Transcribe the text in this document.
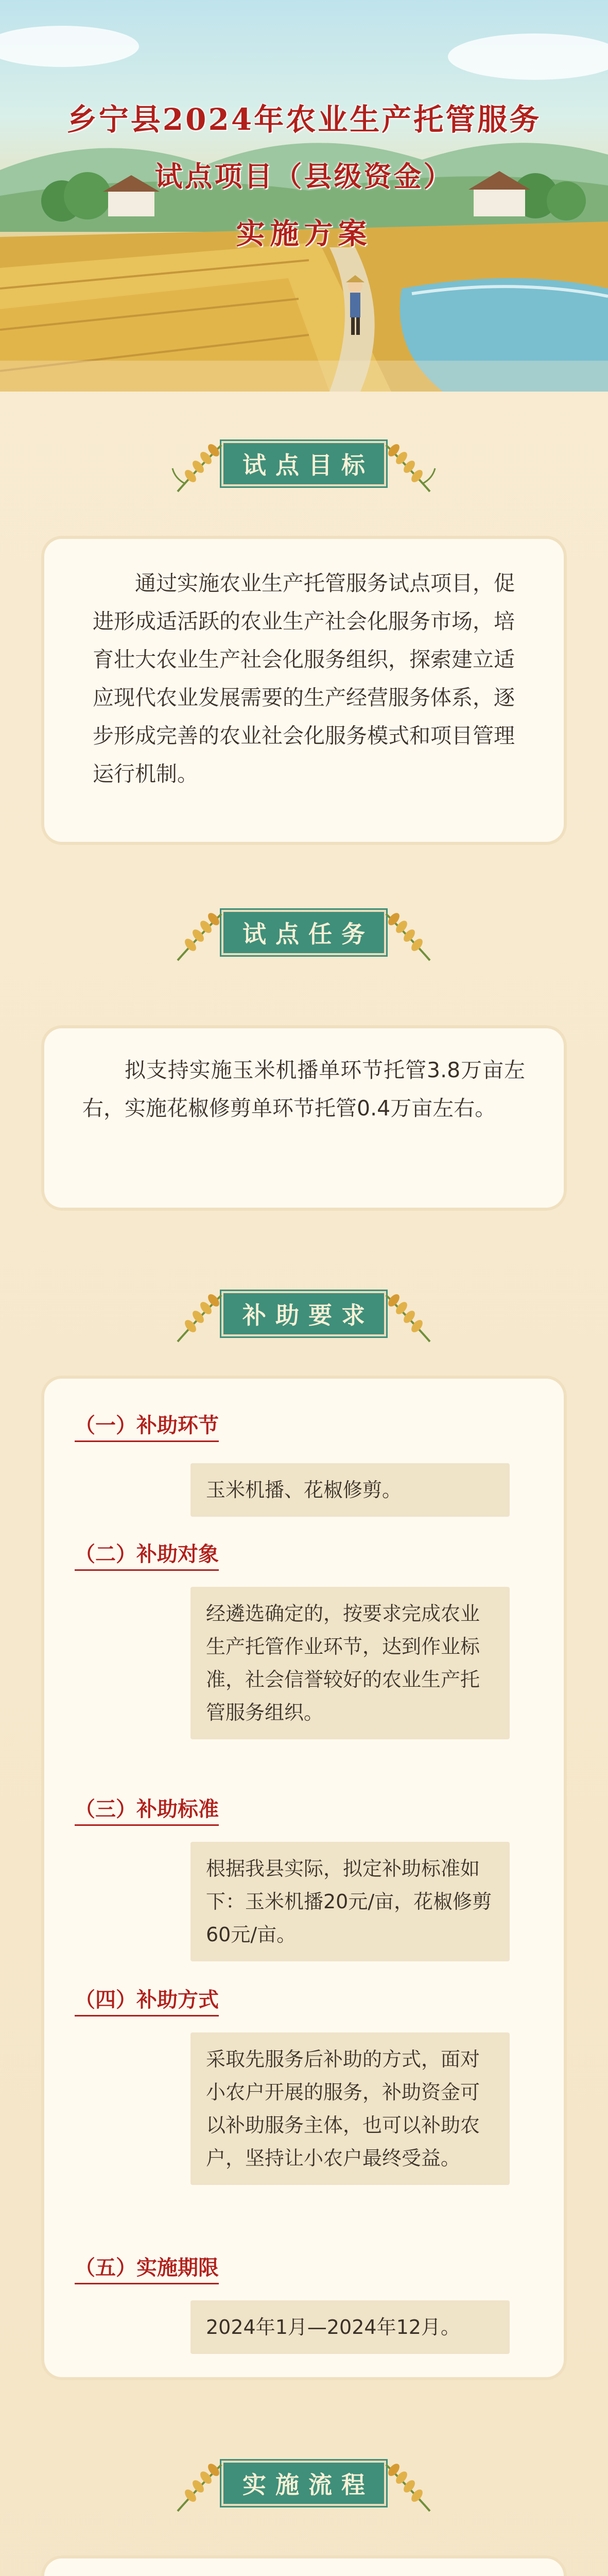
乡宁县2024年农业生产托管服务
试点项目（县级资金）
实施方案
试点目标
通过实施农业生产托管服务试点项目，促进形成适活跃的农业生产社会化服务市场，培育壮大农业生产社会化服务组织，探索建立适应现代农业发展需要的生产经营服务体系，逐步形成完善的农业社会化服务模式和项目管理运行机制。
试点任务
拟支持实施玉米机播单环节托管3.8万亩左右，实施花椒修剪单环节托管0.4万亩左右。
补助要求
（一）补助环节
玉米机播、花椒修剪。
（二）补助对象
经遴选确定的，按要求完成农业生产托管作业环节，达到作业标准，社会信誉较好的农业生产托管服务组织。
（三）补助标准
根据我县实际，拟定补助标准如下：玉米机播20元/亩，花椒修剪60元/亩。
（四）补助方式
采取先服务后补助的方式，面对小农户开展的服务，补助资金可以补助服务主体，也可以补助农户，坚持让小农户最终受益。
（五）实施期限
2024年1月—2024年12月。
实施流程
